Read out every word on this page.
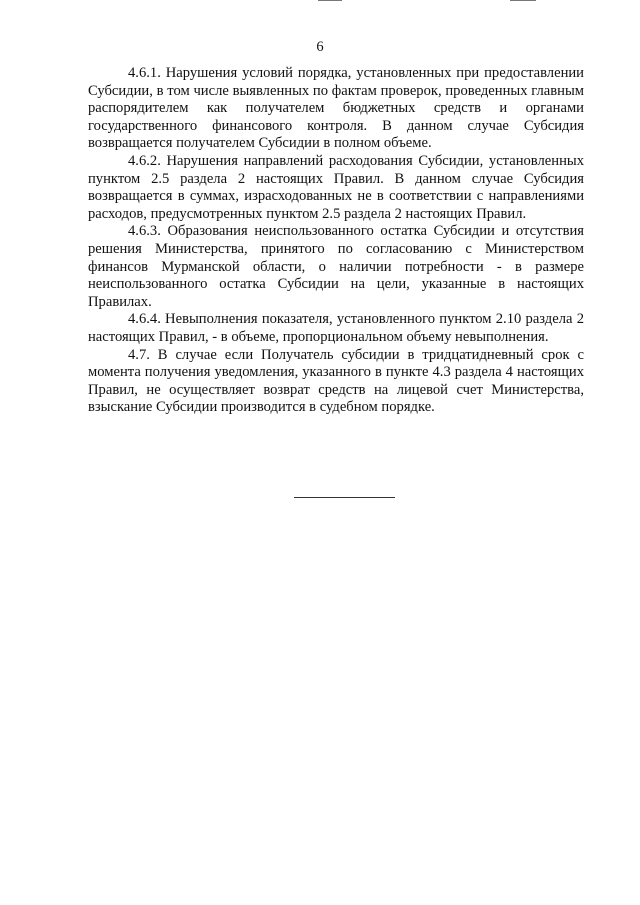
6

4.6.1. Нарушения условий порядка, установленных при предоставлении Субсидии, в том числе выявленных по фактам проверок, проведенных главным распорядителем как получателем бюджетных средств и органами государственного финансового контроля. В данном случае Субсидия возвращается получателем Субсидии в полном объеме.

4.6.2. Нарушения направлений расходования Субсидии, установленных пунктом 2.5 раздела 2 настоящих Правил. В данном случае Субсидия возвращается в суммах, израсходованных не в соответствии с направлениями расходов, предусмотренных пунктом 2.5 раздела 2 настоящих Правил.

4.6.3. Образования неиспользованного остатка Субсидии и отсутствия решения Министерства, принятого по согласованию с Министерством финансов Мурманской области, о наличии потребности - в размере неиспользованного остатка Субсидии на цели, указанные в настоящих Правилах.

4.6.4. Невыполнения показателя, установленного пунктом 2.10 раздела 2 настоящих Правил, - в объеме, пропорциональном объему невыполнения.

4.7. В случае если Получатель субсидии в тридцатидневный срок с момента получения уведомления, указанного в пункте 4.3 раздела 4 настоящих Правил, не осуществляет возврат средств на лицевой счет Министерства, взыскание Субсидии производится в судебном порядке.
